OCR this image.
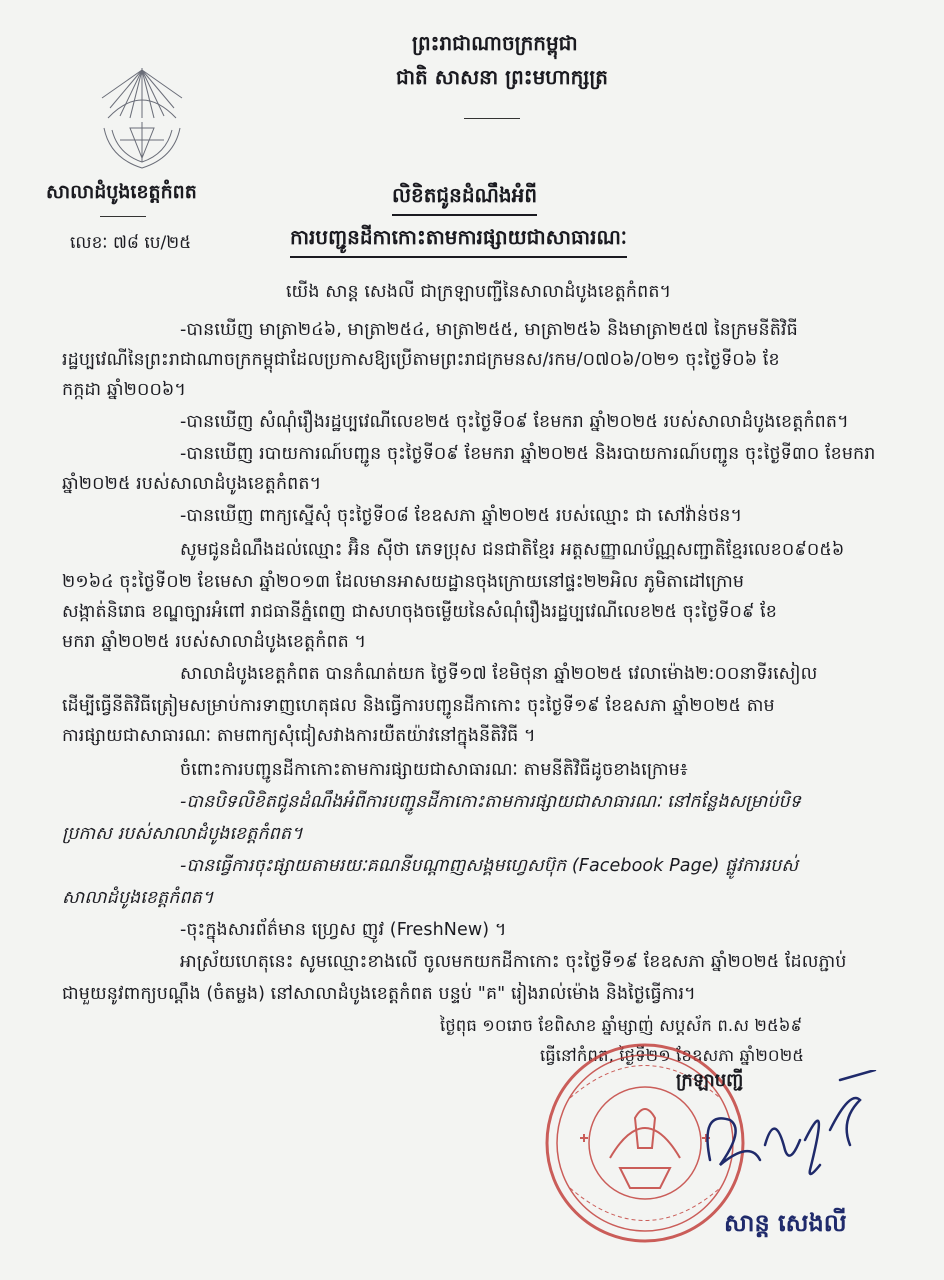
ព្រះរាជាណាចក្រកម្ពុជា
ជាតិ សាសនា ព្រះមហាក្សត្រ
សាលាដំបូងខេត្តកំពត
លេខៈ ៧៨ បេ/២៥
លិខិតជូនដំណឹងអំពី
ការបញ្ជូនដីកាកោះតាមការផ្សាយជាសាធារណៈ
យើង សាន្ត សេងលី ជាក្រឡាបញ្ជីនៃសាលាដំបូងខេត្តកំពត។
-បានឃើញ មាត្រា២៤៦, មាត្រា២៥៤, មាត្រា២៥៥, មាត្រា២៥៦ និងមាត្រា២៥៧ នៃក្រមនីតិវិធី
រដ្ឋប្បវេណីនៃព្រះរាជាណាចក្រកម្ពុជាដែលប្រកាសឱ្យប្រើតាមព្រះរាជក្រមនស/រកម/០៧០៦/០២១ ចុះថ្ងៃទី០៦ ខែ
កក្កដា ឆ្នាំ២០០៦។
-បានឃើញ សំណុំរឿងរដ្ឋប្បវេណីលេខ២៥ ចុះថ្ងៃទី០៩ ខែមករា ឆ្នាំ២០២៥ របស់សាលាដំបូងខេត្តកំពត។
-បានឃើញ របាយការណ៍បញ្ជូន ចុះថ្ងៃទី០៩ ខែមករា ឆ្នាំ២០២៥ និងរបាយការណ៍បញ្ជូន ចុះថ្ងៃទី៣០ ខែមករា
ឆ្នាំ២០២៥ របស់សាលាដំបូងខេត្តកំពត។
-បានឃើញ ពាក្យស្នើសុំ ចុះថ្ងៃទី០៨ ខែឧសភា ឆ្នាំ២០២៥ របស់ឈ្មោះ ជា សៅវ៉ាន់ថន។
សូមជូនដំណឹងដល់ឈ្មោះ អ៊ិន ស៊ីថា ភេទប្រុស ជនជាតិខ្មែរ អត្តសញ្ញាណប័ណ្ណសញ្ជាតិខ្មែរលេខ០៩០៥៦
២១៦៤ ចុះថ្ងៃទី០២ ខែមេសា ឆ្នាំ២០១៣ ដែលមានអាសយដ្ឋានចុងក្រោយនៅផ្ទះ២២អិល ភូមិតាដៅក្រោម
សង្កាត់និរោធ ខណ្ឌច្បារអំពៅ រាជធានីភ្នំពេញ ជាសហចុងចម្លើយនៃសំណុំរឿងរដ្ឋប្បវេណីលេខ២៥ ចុះថ្ងៃទី០៩ ខែ
មករា ឆ្នាំ២០២៥ របស់សាលាដំបូងខេត្តកំពត ។
សាលាដំបូងខេត្តកំពត បានកំណត់យក ថ្ងៃទី១៧ ខែមិថុនា ឆ្នាំ២០២៥ វេលាម៉ោង២:០០នាទីរសៀល
ដើម្បីធ្វើនីតិវិធីត្រៀមសម្រាប់ការទាញហេតុផល និងធ្វើការបញ្ជូនដីកាកោះ ចុះថ្ងៃទី១៩ ខែឧសភា ឆ្នាំ២០២៥ តាម
ការផ្សាយជាសាធារណៈ តាមពាក្យសុំជៀសវាងការយឺតយ៉ាវនៅក្នុងនីតិវិធី ។
ចំពោះការបញ្ជូនដីកាកោះតាមការផ្សាយជាសាធារណៈ តាមនីតិវិធីដូចខាងក្រោម៖
-បានបិទលិខិតជូនដំណឹងអំពីការបញ្ជូនដីកាកោះតាមការផ្សាយជាសាធារណៈ នៅកន្លែងសម្រាប់បិទ
ប្រកាស របស់សាលាដំបូងខេត្តកំពត។
-បានធ្វើការចុះផ្សាយតាមរយៈគណនីបណ្តាញសង្គមហ្វេសប៊ុក (Facebook Page) ផ្លូវការរបស់
សាលាដំបូងខេត្តកំពត។
-ចុះក្នុងសារព័ត៌មាន ហ្វ្រេស ញូវ (FreshNew) ។
អាស្រ័យហេតុនេះ សូមឈ្មោះខាងលើ ចូលមកយកដីកាកោះ ចុះថ្ងៃទី១៩ ខែឧសភា ឆ្នាំ២០២៥ ដែលភ្ជាប់
ជាមួយនូវពាក្យបណ្តឹង (ចំតម្លង) នៅសាលាដំបូងខេត្តកំពត បន្ទប់ "គ" រៀងរាល់ម៉ោង និងថ្ងៃធ្វើការ។
ថ្ងៃពុធ ១០រោច ខែពិសាខ ឆ្នាំម្សាញ់ សប្តស័ក ព.ស ២៥៦៩
ធ្វើនៅកំពត, ថ្ងៃទី២១ ខែឧសភា ឆ្នាំ២០២៥
ក្រឡាបញ្ជី
សាន្ត សេងលី
